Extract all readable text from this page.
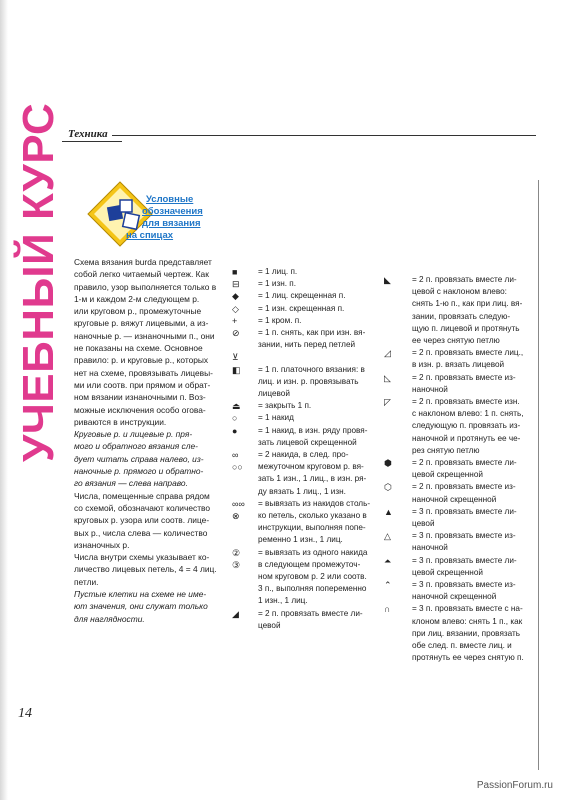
Техника
УЧЕБНЫЙ КУРС	Условные
обозначения
для вязания
на спицах

Схема вязания burda представляет
собой легко читаемый чертеж. Как
правило, узор выполняется только в
1-м и каждом 2-м следующем р.
или круговом р., промежуточные
круговые р. вяжут лицевыми, а из-
наночные р. — изнаночными п., они
не показаны на схеме. Основное
правило: р. и круговые р., которых
нет на схеме, провязывать лицевы-
ми или соотв. при прямом и обрат-
ном вязании изнаночными п. Воз-
можные исключения особо огова-
риваются в инструкции.

Круговые р. и лицевые р. пря-
мого и обратного вязания сле-
дует читать справа налево, из-
наночные р. прямого и обратно-
го вязания — слева направо.

Числа, помещенные справа рядом
со схемой, обозначают количество
круговых р. узора или соотв. лице-
вых р., числа слева — количество
изнаночных р.

Числа внутри схемы указывает ко-
личество лицевых петель, 4 = 4 лиц.
петли.

Пустые клетки на схеме не име-
ют значения, они служат только
для наглядности.

■	= 1 лиц. п.
⊟ = 1 изн. п.
◆ = 1 лиц. скрещенная п.
◇ = 1 изн. скрещенная п.
+	= 1 кром. п.
⊘ = 1 п. снять, как при изн. вя-
зании, нить перед петлей
⊻

◧ = 1 п. платочного вязания: в
лиц. и изн. р. провязывать
лицевой
⏏ = закрыть 1 п.
○	= 1 накид
●	= 1 накид, в изн. ряду провя-
зать лицевой скрещенной
∞ = 2 накида, в след. про-
○○ межуточном круговом р. вя-
зать 1 изн., 1 лиц., в изн. ря-
ду вязать 1 лиц., 1 изн.
∞∞ = вывязать из накидов столь-
⊗ ко петель, сколько указано в
инструкции, выполняя попе-
ременно 1 изн., 1 лиц.
② = вывязать из одного накида
③ в следующем промежуточ-
ном круговом р. 2 или соотв.
3 п., выполняя попеременно
1 изн., 1 лиц.
◢ = 2 п. провязать вместе ли-
цевой
◣	= 2 п. провязать вместе ли-
цевой с наклоном влево:
снять 1-ю п., как при лиц. вя-
зании, провязать следую-
щую п. лицевой и протянуть
ее через снятую петлю
◿	= 2 п. провязать вместе лиц.,
в изн. р. вязать лицевой
◺	= 2 п. провязать вместе из-
наночной
◸	= 2 п. провязать вместе изн.
с наклоном влево: 1 п. снять,
следующую п. провязать из-
наночной и протянуть ее че-
рез снятую петлю
⬢ = 2 п. провязать вместе ли-
цевой скрещенной
⬡ = 2 п. провязать вместе из-
наночной скрещенной
▲ = 3 п. провязать вместе ли-
цевой
△	= 3 п. провязать вместе из-
наночной
⏶	= 3 п. провязать вместе ли-
цевой скрещенной
⌃ = 3 п. провязать вместе из-
наночной скрещенной
∩	= 3 п. провязать вместе с на-
клоном влево: снять 1 п., как
при лиц. вязании, провязать
обе след. п. вместе лиц. и
протянуть ее через снятую п.
14
PassionForum.ru
